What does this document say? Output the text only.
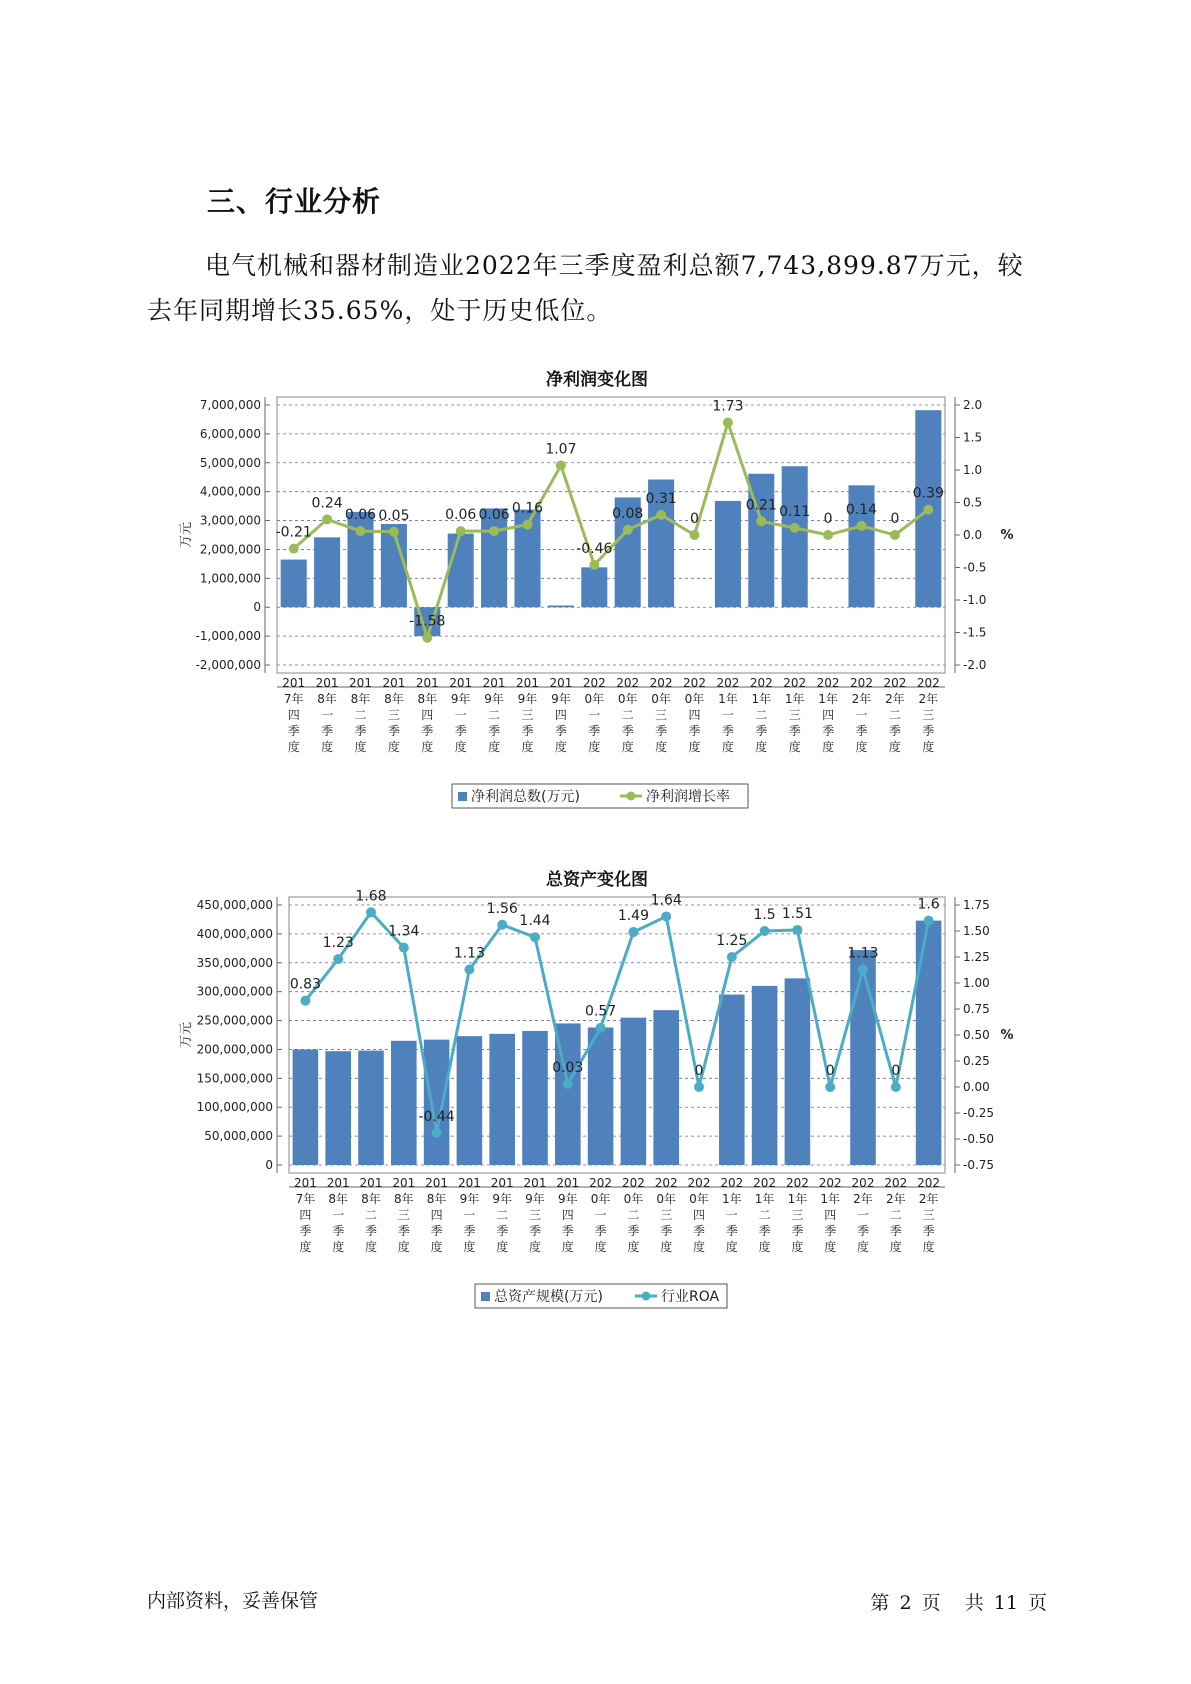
三、行业分析

电气机械和器材制造业2022年三季度盈利总额7,743,899.87万元，较

去年同期增长35.65%，处于历史低位。

净利润变化图
7,000,000
6,000,000
5,000,000
4,000,000
3,000,000
2,000,000
1,000,000
0
-1,000,000
-2,000,000
2.0
1.5
1.0
0.5
0.0
-0.5
-1.0
-1.5
-2.0
万元	%
201 7年四季度
201 8年一季度
201 8年二季度
201 8年三季度
201 8年四季度
201 9年一季度
201 9年二季度
201 9年三季度
201 9年四季度
202 0年一季度
202 0年二季度
202 0年三季度
202 0年四季度
202 1年一季度
202 1年二季度
202 1年三季度
202 1年四季度
202 2年一季度
202 2年二季度
202 2年三季度
-0.21
0.24
0.06 0.05
-1.58
0.06 0.06 0.16
1.07
-0.46
0.08
0.31
0
1.73
0.21 0.11 0
0.14
0
0.39
净利润总数(万元)	净利润增长率
总资产变化图
450,000,000
400,000,000
350,000,000
300,000,000
250,000,000
200,000,000
150,000,000
100,000,000
50,000,000
0
1.75
1.50
1.25
1.00
0.75
0.50
0.25
0.00
-0.25
-0.50
-0.75
万元	%
201 7年四季度
201 8年一季度
201 8年二季度
201 8年三季度
201 8年四季度
201 9年一季度
201 9年二季度
201 9年三季度
201 9年四季度
202 0年一季度
202 0年二季度
202 0年三季度
202 0年四季度
202 1年一季度
202 1年二季度
202 1年三季度
202 1年四季度
202 2年一季度
202 2年二季度
202 2年三季度
0.83
1.23
1.68
1.34
-0.44
1.13
1.56
1.44
0.03
0.57
1.49
1.64
0
1.25
1.5 1.51
0
1.13
0
1.6
总资产规模(万元)	行业ROA
内部资料，妥善保管	第 2 页 共 11 页
